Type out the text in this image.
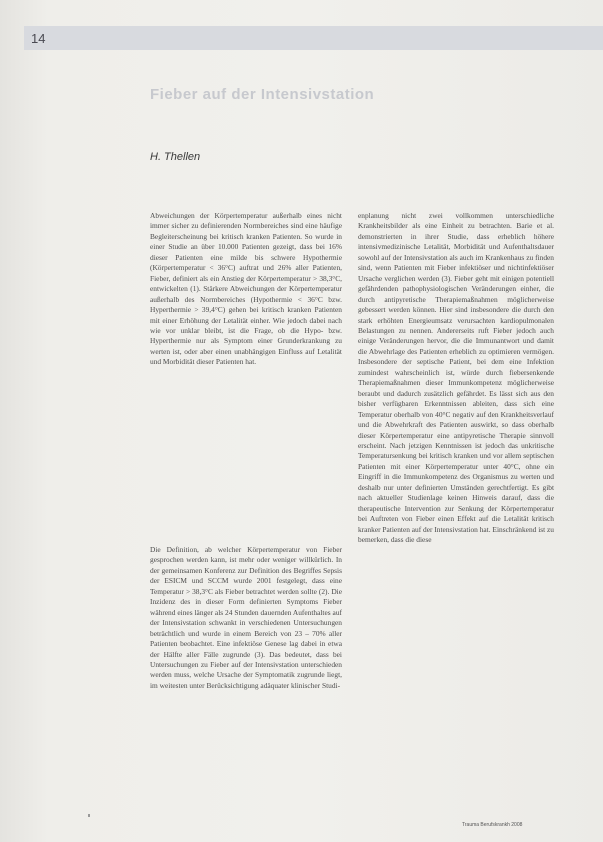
14
Fieber auf der Intensivstation
H. Thellen

Abweichungen der Körpertemperatur außerhalb eines nicht immer sicher zu definierenden Normbereiches sind eine häufige Begleiterscheinung bei kritisch kranken Patienten. So wurde in einer Studie an über 10.000 Patienten gezeigt, dass bei 16% dieser Patienten eine milde bis schwere Hypothermie (Körpertemperatur < 36°C) auftrat und 26% aller Patienten, Fieber, definiert als ein Anstieg der Körpertemperatur > 38,3°C, entwickelten (1). Stärkere Abweichungen der Körpertemperatur außerhalb des Normbereiches (Hypothermie < 36°C bzw. Hyperthermie > 39,4°C) gehen bei kritisch kranken Patienten mit einer Erhöhung der Letalität einher. Wie jedoch dabei nach wie vor unklar bleibt, ist die Frage, ob die Hypo- bzw. Hyperthermie nur als Symptom einer Grunderkrankung zu werten ist, oder aber einen unabhängigen Einfluss auf Letalität und Morbidität dieser Patienten hat.

Die Definition, ab welcher Körpertemperatur von Fieber gesprochen werden kann, ist mehr oder weniger willkürlich. In der gemeinsamen Konferenz zur Definition des Begriffes Sepsis der ESICM und SCCM wurde 2001 festgelegt, dass eine Temperatur > 38,3°C als Fieber betrachtet werden sollte (2). Die Inzidenz des in dieser Form definierten Symptoms Fieber während eines länger als 24 Stunden dauernden Aufenthaltes auf der Intensivstation schwankt in verschiedenen Untersuchungen beträchtlich und wurde in einem Bereich von 23 – 70% aller Patienten beobachtet. Eine infektiöse Genese lag dabei in etwa der Hälfte aller Fälle zugrunde (3). Das bedeutet, dass bei Untersuchungen zu Fieber auf der Intensivstation unterschieden werden muss, welche Ursache der Symptomatik zugrunde liegt, im weitesten unter Berücksichtigung adäquater klinischer Studi-

enplanung nicht zwei vollkommen unterschiedliche Krankheitsbilder als eine Einheit zu betrachten. Barie et al. demonstrierten in ihrer Studie, dass erheblich höhere intensivmedizinische Letalität, Morbidität und Aufenthaltsdauer sowohl auf der Intensivstation als auch im Krankenhaus zu finden sind, wenn Patienten mit Fieber infektiöser und nichtinfektiöser Ursache verglichen werden (3). Fieber geht mit einigen potentiell gefährdenden pathophysiologischen Veränderungen einher, die durch antipyretische Therapiemaßnahmen möglicherweise gebessert werden können. Hier sind insbesondere die durch den stark erhöhten Energieumsatz verursachten kardiopulmonalen Belastungen zu nennen. Andererseits ruft Fieber jedoch auch einige Veränderungen hervor, die die Immunantwort und damit die Abwehrlage des Patienten erheblich zu optimieren vermögen. Insbesondere der septische Patient, bei dem eine Infektion zumindest wahrscheinlich ist, würde durch fiebersenkende Therapiemaßnahmen dieser Immunkompetenz möglicherweise beraubt und dadurch zusätzlich gefährdet. Es lässt sich aus den bisher verfügbaren Erkenntnissen ableiten, dass sich eine Temperatur oberhalb von 40°C negativ auf den Krankheitsverlauf und die Abwehrkraft des Patienten auswirkt, so dass oberhalb dieser Körpertemperatur eine antipyretische Therapie sinnvoll erscheint. Nach jetzigen Kenntnissen ist jedoch das unkritische Temperatursenkung bei kritisch kranken und vor allem septischen Patienten mit einer Körpertemperatur unter 40°C, ohne ein Eingriff in die Immunkompetenz des Organismus zu werten und deshalb nur unter definierten Umständen gerechtfertigt. Es gibt nach aktueller Studienlage keinen Hinweis darauf, dass die therapeutische Intervention zur Senkung der Körpertemperatur bei Auftreten von Fieber einen Effekt auf die Letalität kritisch kranker Patienten auf der Intensivstation hat. Einschränkend ist zu bemerken, dass die diese

Trauma Berufskrankh 2008
